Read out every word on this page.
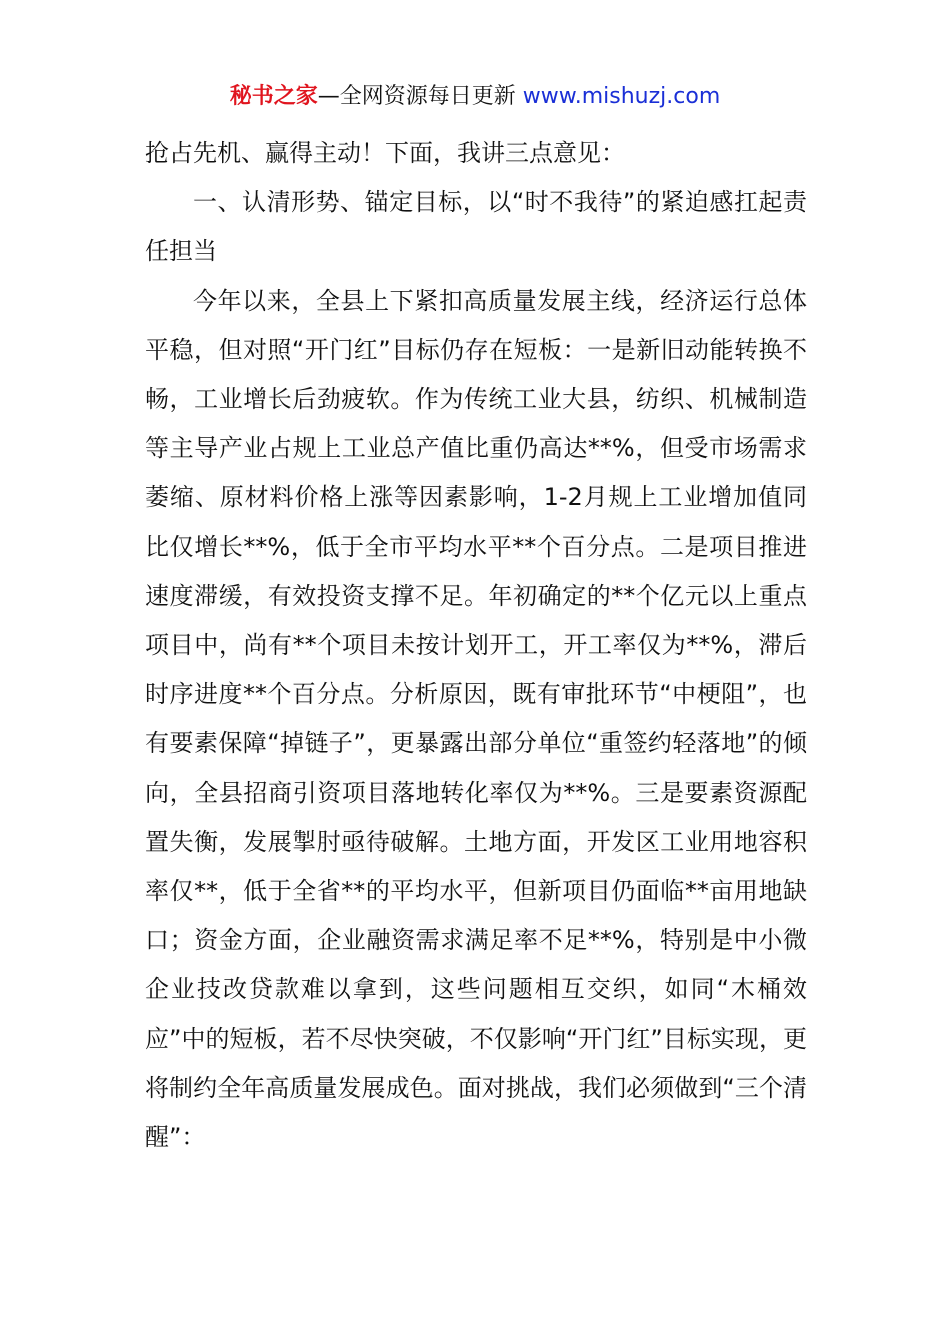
秘书之家—全网资源每日更新 www.mishuzj.com

抢占先机、赢得主动！下面，我讲三点意见：

一、认清形势、锚定目标，以“时不我待”的紧迫感扛起责任担当

今年以来，全县上下紧扣高质量发展主线，经济运行总体平稳，但对照“开门红”目标仍存在短板：一是新旧动能转换不畅，工业增长后劲疲软。作为传统工业大县，纺织、机械制造等主导产业占规上工业总产值比重仍高达**%，但受市场需求萎缩、原材料价格上涨等因素影响，1-2月规上工业增加值同比仅增长**%，低于全市平均水平**个百分点。二是项目推进速度滞缓，有效投资支撑不足。年初确定的**个亿元以上重点项目中，尚有**个项目未按计划开工，开工率仅为**%，滞后时序进度**个百分点。分析原因，既有审批环节“中梗阻”，也有要素保障“掉链子”，更暴露出部分单位“重签约轻落地”的倾向，全县招商引资项目落地转化率仅为**%。三是要素资源配置失衡，发展掣肘亟待破解。土地方面，开发区工业用地容积率仅**，低于全省**的平均水平，但新项目仍面临**亩用地缺口；资金方面，企业融资需求满足率不足**%，特别是中小微企业技改贷款难以拿到，这些问题相互交织，如同“木桶效应”中的短板，若不尽快突破，不仅影响“开门红”目标实现，更将制约全年高质量发展成色。面对挑战，我们必须做到“三个清醒”：
